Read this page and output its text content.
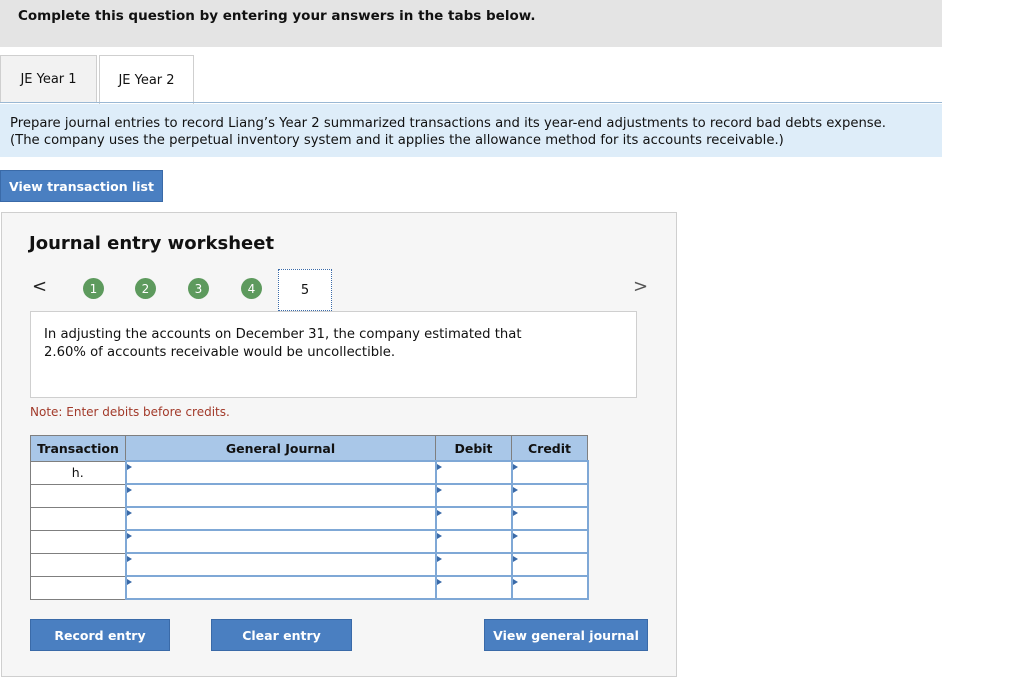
Complete this question by entering your answers in the tabs below.
JE Year 1	JE Year 2
Prepare journal entries to record Liang’s Year 2 summarized transactions and its year-end adjustments to record bad debts expense.
(The company uses the perpetual inventory system and it applies the allowance method for its accounts receivable.)
View transaction list
Journal entry worksheet
<	1	2	3	4	5	>
In adjusting the accounts on December 31, the company estimated that
2.60% of accounts receivable would be uncollectible.
Note: Enter debits before credits.
Transaction	General Journal	Debit	Credit
h.			

Record entry	Clear entry	View general journal
